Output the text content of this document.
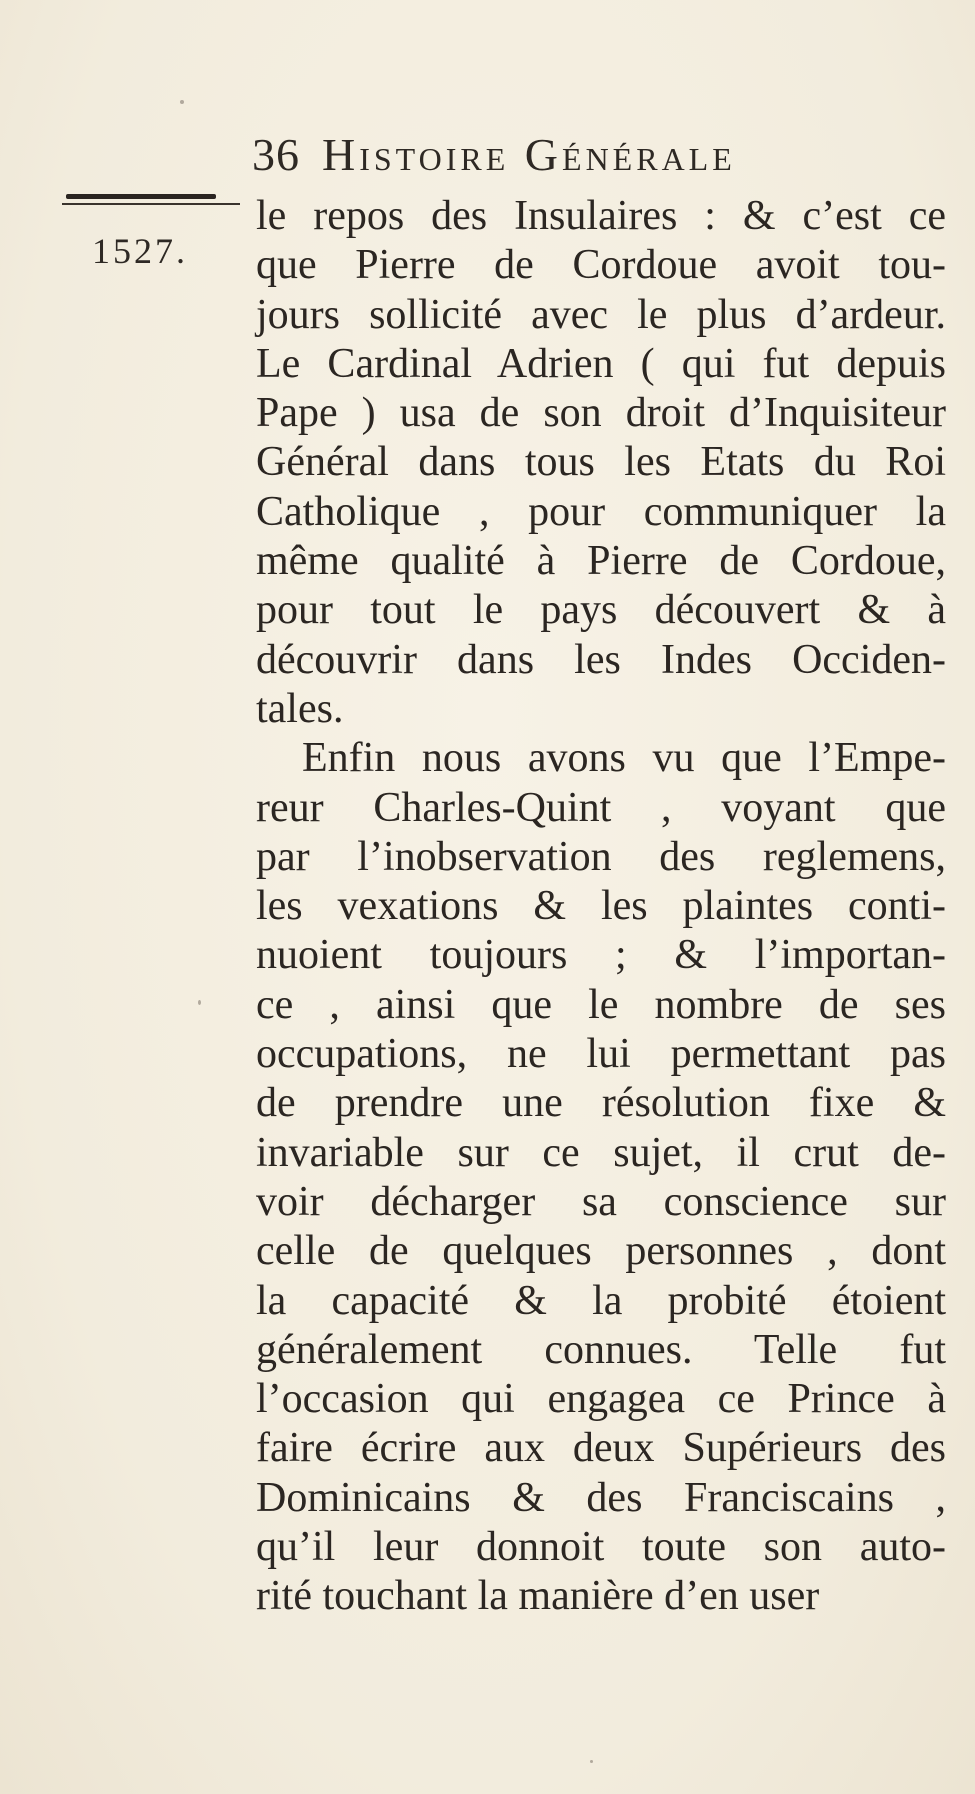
36 Histoire Générale
1527.
le repos des Insulaires : & c’est ce
que Pierre de Cordoue avoit tou-
jours sollicité avec le plus d’ardeur.
Le Cardinal Adrien ( qui fut depuis
Pape ) usa de son droit d’Inquisiteur
Général dans tous les Etats du Roi
Catholique , pour communiquer la
même qualité à Pierre de Cordoue,
pour tout le pays découvert & à
découvrir dans les Indes Occiden-
tales.
Enfin nous avons vu que l’Empe-
reur Charles-Quint , voyant que
par l’inobservation des reglemens,
les vexations & les plaintes conti-
nuoient toujours ; & l’importan-
ce , ainsi que le nombre de ses
occupations, ne lui permettant pas
de prendre une résolution fixe &
invariable sur ce sujet, il crut de-
voir décharger sa conscience sur
celle de quelques personnes , dont
la capacité & la probité étoient
généralement connues. Telle fut
l’occasion qui engagea ce Prince à
faire écrire aux deux Supérieurs des
Dominicains & des Franciscains ,
qu’il leur donnoit toute son auto-
rité touchant la manière d’en user
